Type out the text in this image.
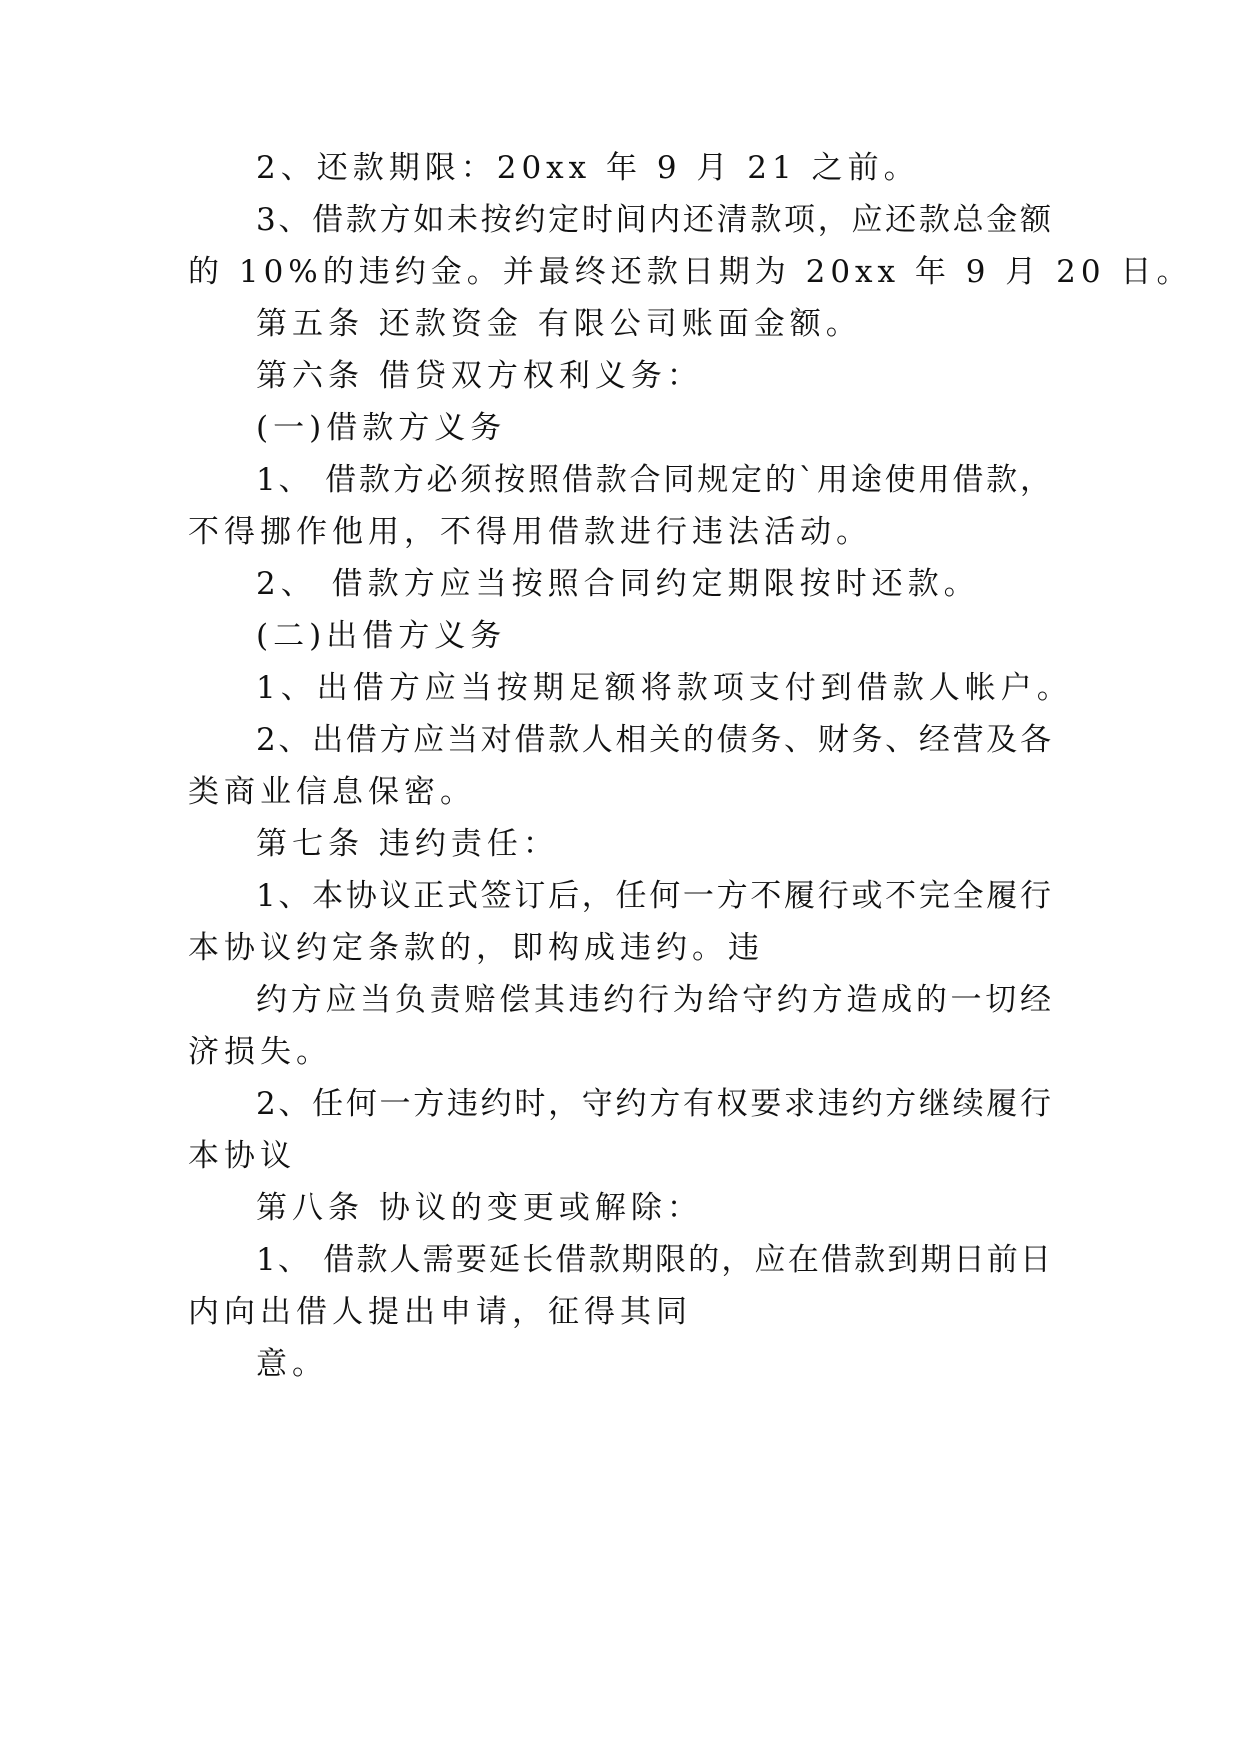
2、还款期限：20xx 年 9 月 21 之前。

3、借款方如未按约定时间内还清款项，应还款总金额

的 10%的违约金。并最终还款日期为 20xx 年 9 月 20 日。

第五条 还款资金 有限公司账面金额。

第六条 借贷双方权利义务：

(一)借款方义务

1、 借款方必须按照借款合同规定的`用途使用借款，

不得挪作他用，不得用借款进行违法活动。

2、 借款方应当按照合同约定期限按时还款。

(二)出借方义务

1、出借方应当按期足额将款项支付到借款人帐户。

2、出借方应当对借款人相关的债务、财务、经营及各

类商业信息保密。

第七条 违约责任：

1、本协议正式签订后，任何一方不履行或不完全履行

本协议约定条款的，即构成违约。违

约方应当负责赔偿其违约行为给守约方造成的一切经

济损失。

2、任何一方违约时，守约方有权要求违约方继续履行

本协议

第八条 协议的变更或解除：

1、 借款人需要延长借款期限的，应在借款到期日前日

内向出借人提出申请，征得其同

意。
